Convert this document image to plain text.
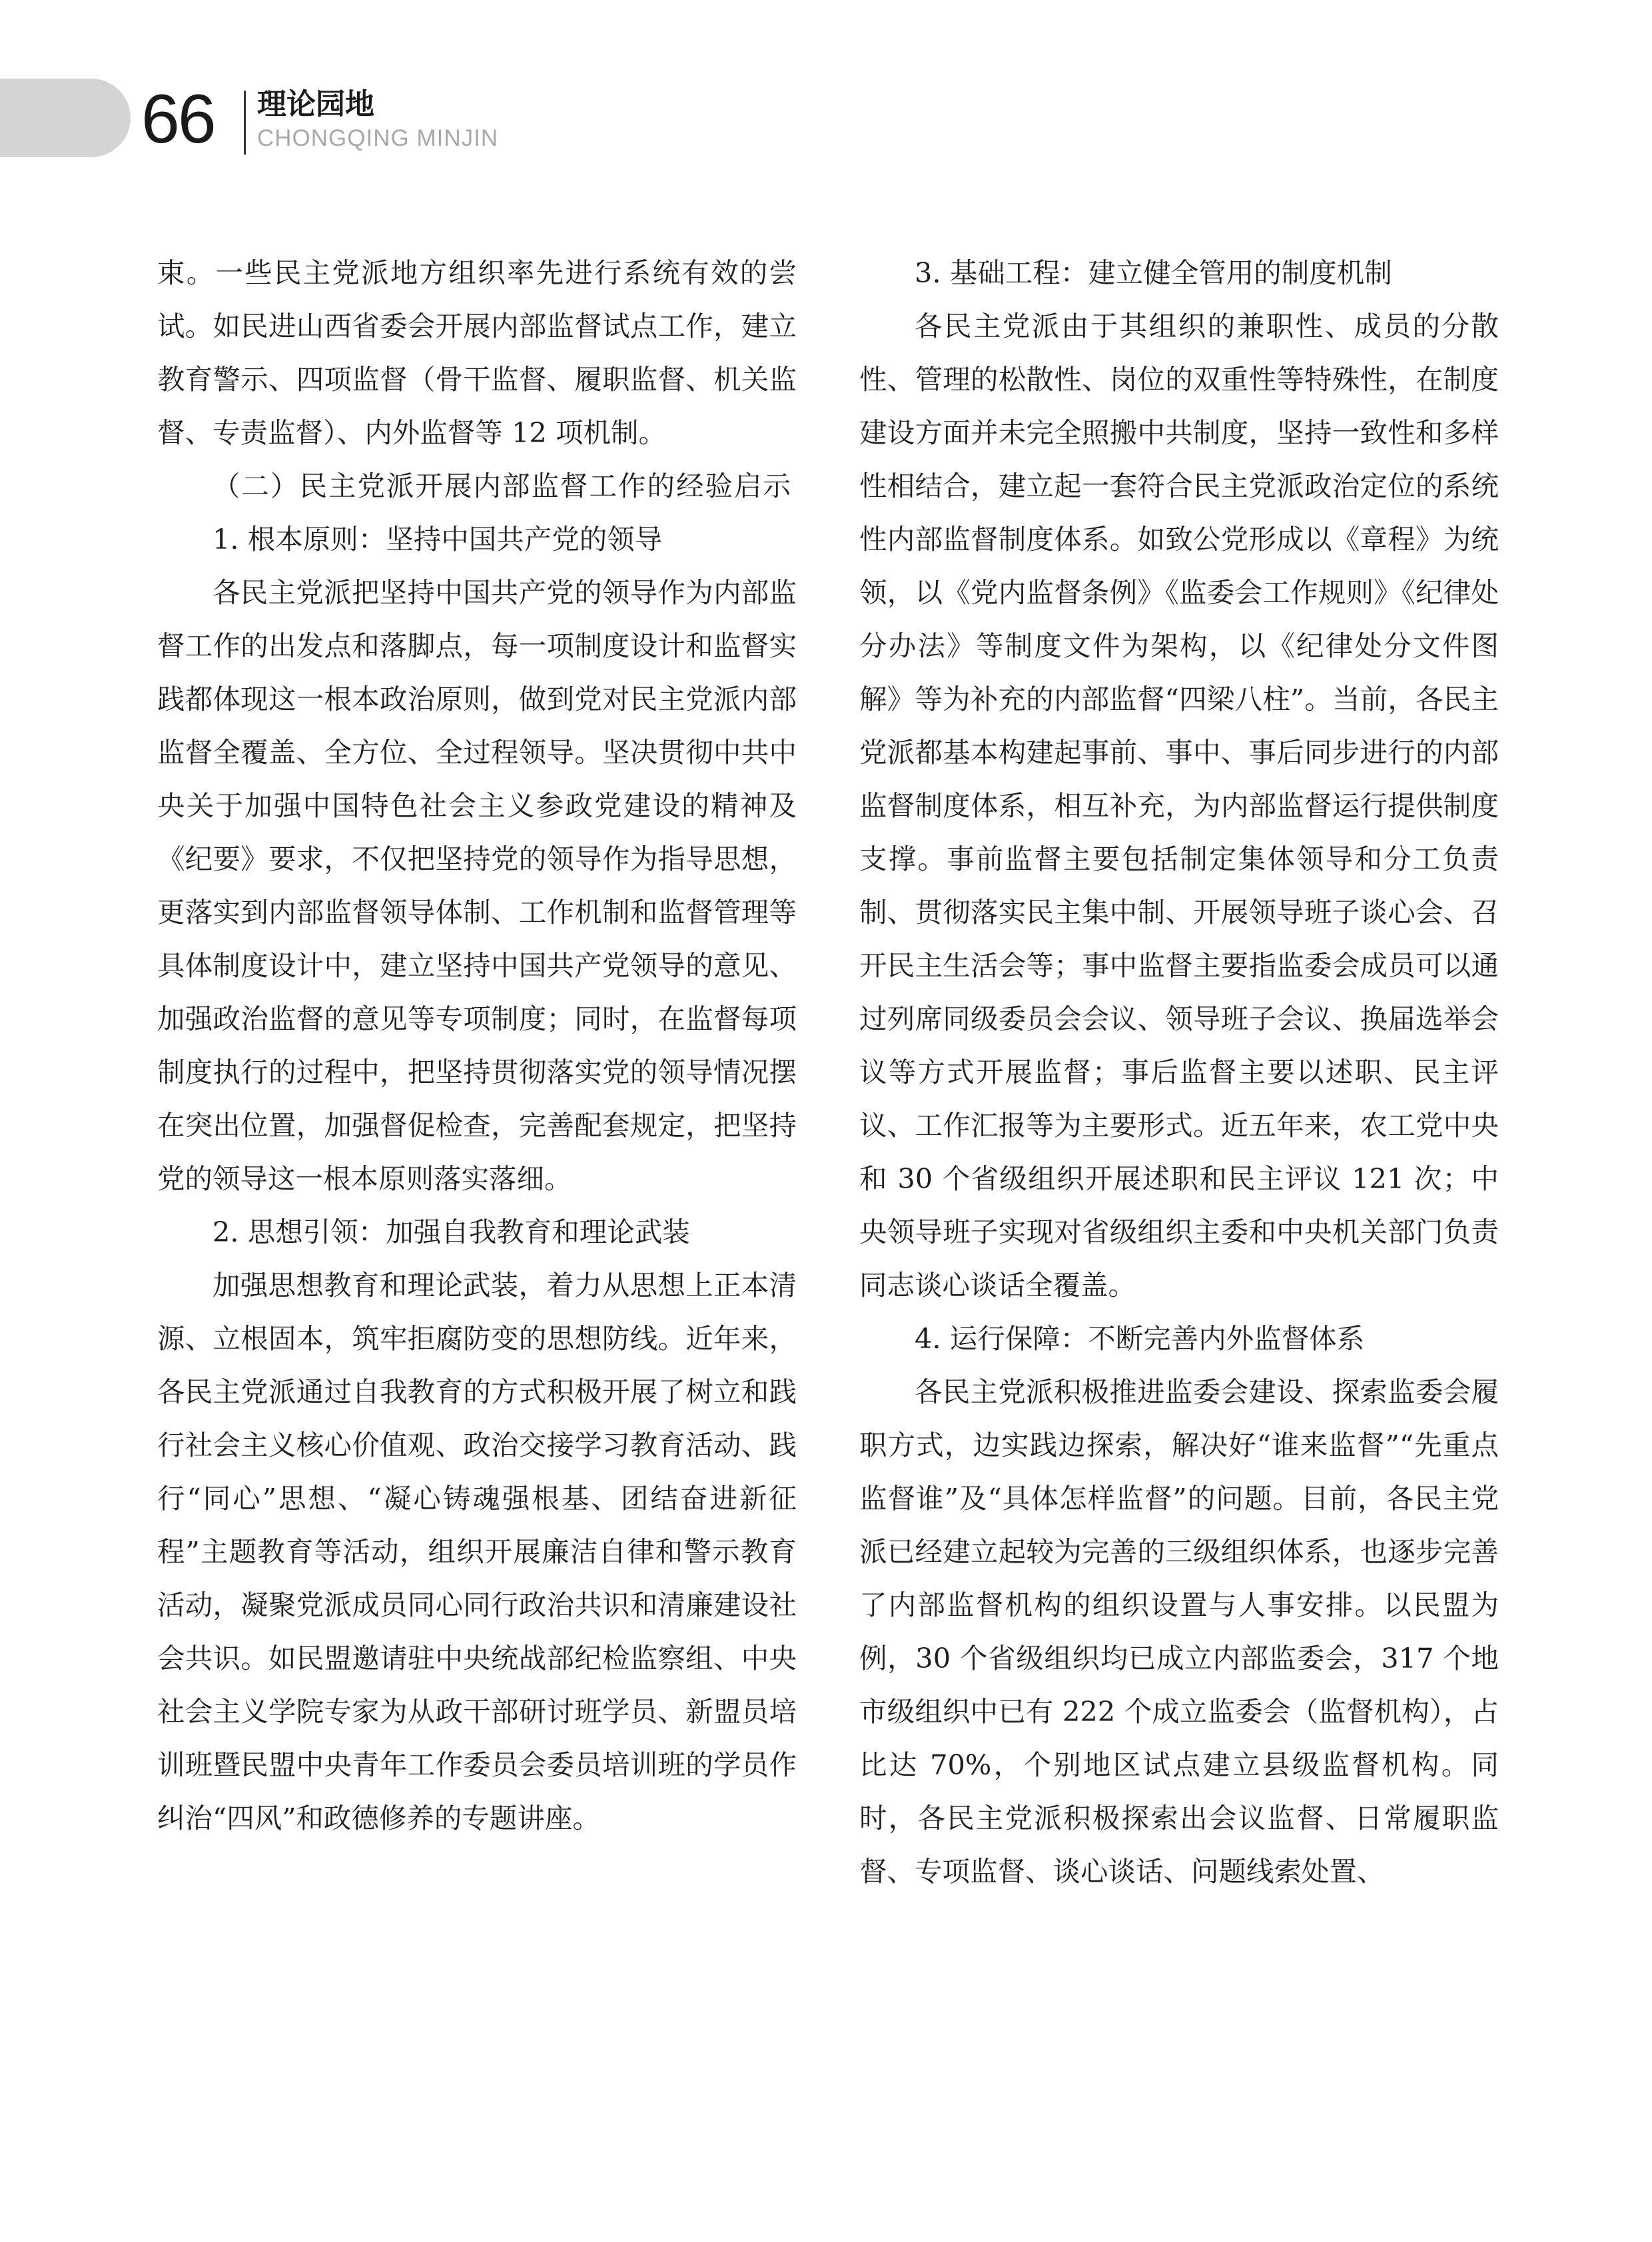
66 理论园地
CHONGQING MINJIN

束。一些民主党派地方组织率先进行系统有效的尝试。如民进山西省委会开展内部监督试点工作，建立教育警示、四项监督（骨干监督、履职监督、机关监督、专责监督）、内外监督等 12 项机制。

（二）民主党派开展内部监督工作的经验启示

1. 根本原则：坚持中国共产党的领导

各民主党派把坚持中国共产党的领导作为内部监督工作的出发点和落脚点，每一项制度设计和监督实践都体现这一根本政治原则，做到党对民主党派内部监督全覆盖、全方位、全过程领导。坚决贯彻中共中央关于加强中国特色社会主义参政党建设的精神及《纪要》要求，不仅把坚持党的领导作为指导思想，更落实到内部监督领导体制、工作机制和监督管理等具体制度设计中，建立坚持中国共产党领导的意见、加强政治监督的意见等专项制度；同时，在监督每项制度执行的过程中，把坚持贯彻落实党的领导情况摆在突出位置，加强督促检查，完善配套规定，把坚持党的领导这一根本原则落实落细。

2. 思想引领：加强自我教育和理论武装

加强思想教育和理论武装，着力从思想上正本清源、立根固本，筑牢拒腐防变的思想防线。近年来，各民主党派通过自我教育的方式积极开展了树立和践行社会主义核心价值观、政治交接学习教育活动、践行“同心”思想、“凝心铸魂强根基、团结奋进新征程”主题教育等活动，组织开展廉洁自律和警示教育活动，凝聚党派成员同心同行政治共识和清廉建设社会共识。如民盟邀请驻中央统战部纪检监察组、中央社会主义学院专家为从政干部研讨班学员、新盟员培训班暨民盟中央青年工作委员会委员培训班的学员作纠治“四风”和政德修养的专题讲座。

3. 基础工程：建立健全管用的制度机制

各民主党派由于其组织的兼职性、成员的分散性、管理的松散性、岗位的双重性等特殊性，在制度建设方面并未完全照搬中共制度，坚持一致性和多样性相结合，建立起一套符合民主党派政治定位的系统性内部监督制度体系。如致公党形成以《章程》为统领，以《党内监督条例》《监委会工作规则》《纪律处分办法》等制度文件为架构，以《纪律处分文件图解》等为补充的内部监督“四梁八柱”。当前，各民主党派都基本构建起事前、事中、事后同步进行的内部监督制度体系，相互补充，为内部监督运行提供制度支撑。事前监督主要包括制定集体领导和分工负责制、贯彻落实民主集中制、开展领导班子谈心会、召开民主生活会等；事中监督主要指监委会成员可以通过列席同级委员会会议、领导班子会议、换届选举会议等方式开展监督；事后监督主要以述职、民主评议、工作汇报等为主要形式。近五年来，农工党中央和 30 个省级组织开展述职和民主评议 121 次；中央领导班子实现对省级组织主委和中央机关部门负责同志谈心谈话全覆盖。

4. 运行保障：不断完善内外监督体系

各民主党派积极推进监委会建设、探索监委会履职方式，边实践边探索，解决好“谁来监督”“先重点监督谁”及“具体怎样监督”的问题。目前，各民主党派已经建立起较为完善的三级组织体系，也逐步完善了内部监督机构的组织设置与人事安排。以民盟为例，30 个省级组织均已成立内部监委会，317 个地市级组织中已有 222 个成立监委会（监督机构），占比达 70%，个别地区试点建立县级监督机构。同时，各民主党派积极探索出会议监督、日常履职监督、专项监督、谈心谈话、问题线索处置、
